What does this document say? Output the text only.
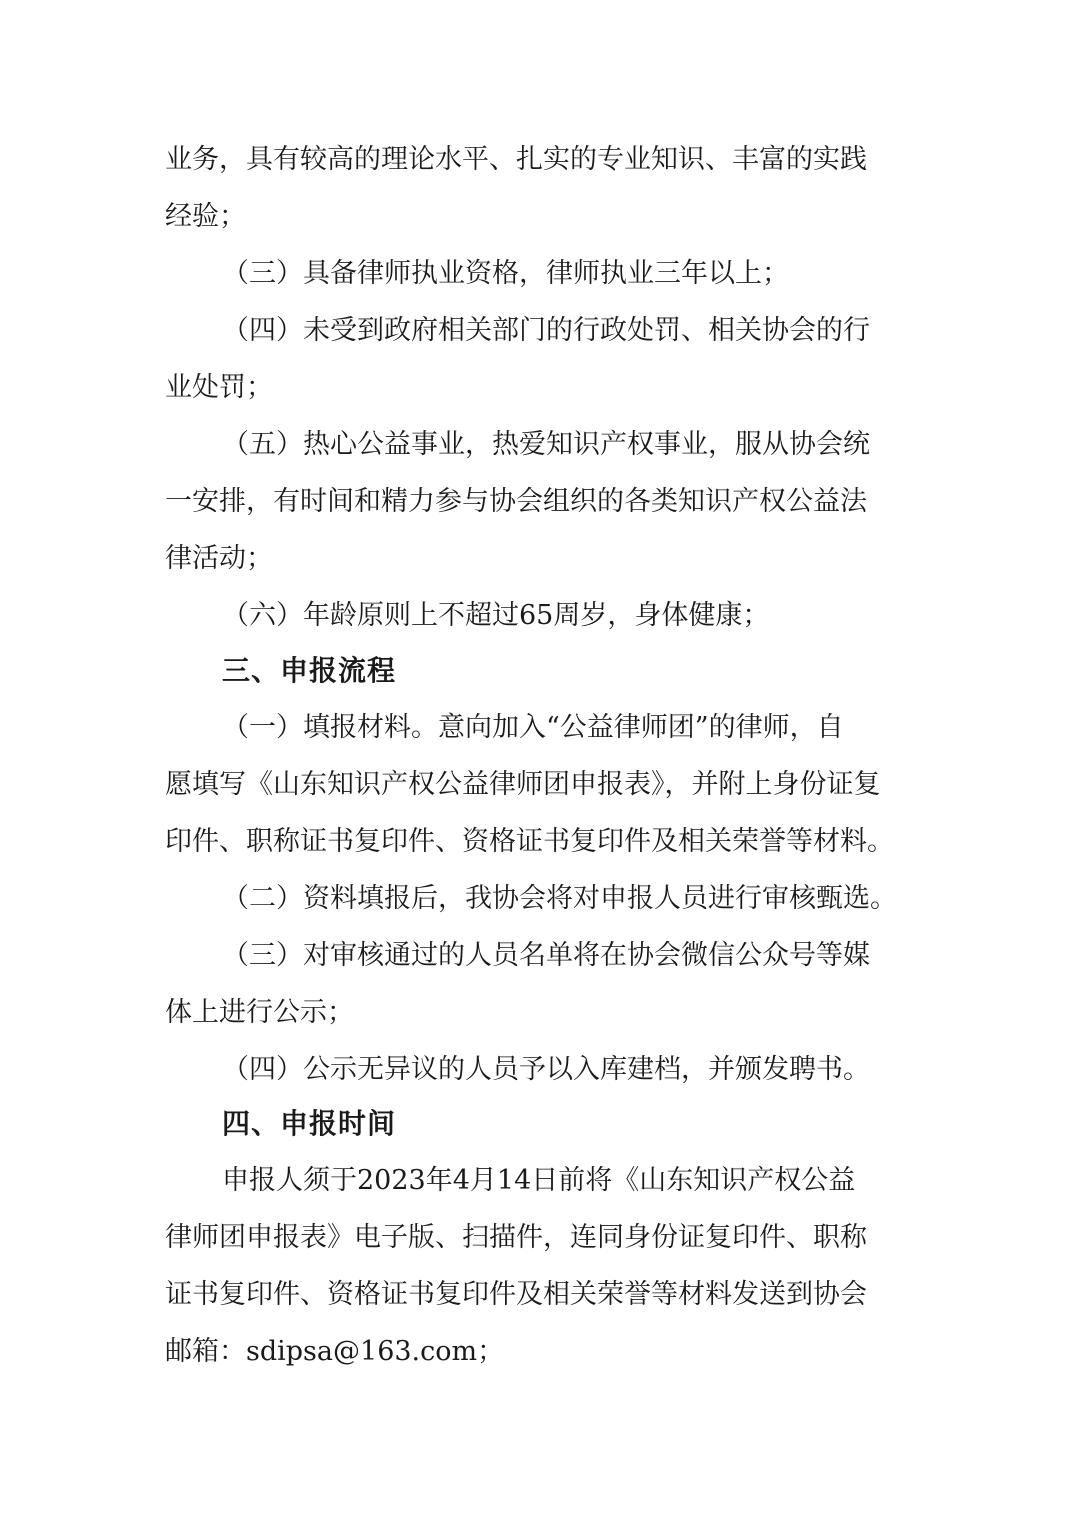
业务，具有较高的理论水平、扎实的专业知识、丰富的实践
经验；
（三）具备律师执业资格，律师执业三年以上；
（四）未受到政府相关部门的行政处罚、相关协会的行
业处罚；
（五）热心公益事业，热爱知识产权事业，服从协会统
一安排，有时间和精力参与协会组织的各类知识产权公益法
律活动；
（六）年龄原则上不超过65周岁，身体健康；
三、申报流程
（一）填报材料。意向加入“公益律师团”的律师，自
愿填写《山东知识产权公益律师团申报表》，并附上身份证复
印件、职称证书复印件、资格证书复印件及相关荣誉等材料。
（二）资料填报后，我协会将对申报人员进行审核甄选。
（三）对审核通过的人员名单将在协会微信公众号等媒
体上进行公示；
（四）公示无异议的人员予以入库建档，并颁发聘书。
四、申报时间
申报人须于2023年4月14日前将《山东知识产权公益
律师团申报表》电子版、扫描件，连同身份证复印件、职称
证书复印件、资格证书复印件及相关荣誉等材料发送到协会
邮箱：sdipsa@163.com；
